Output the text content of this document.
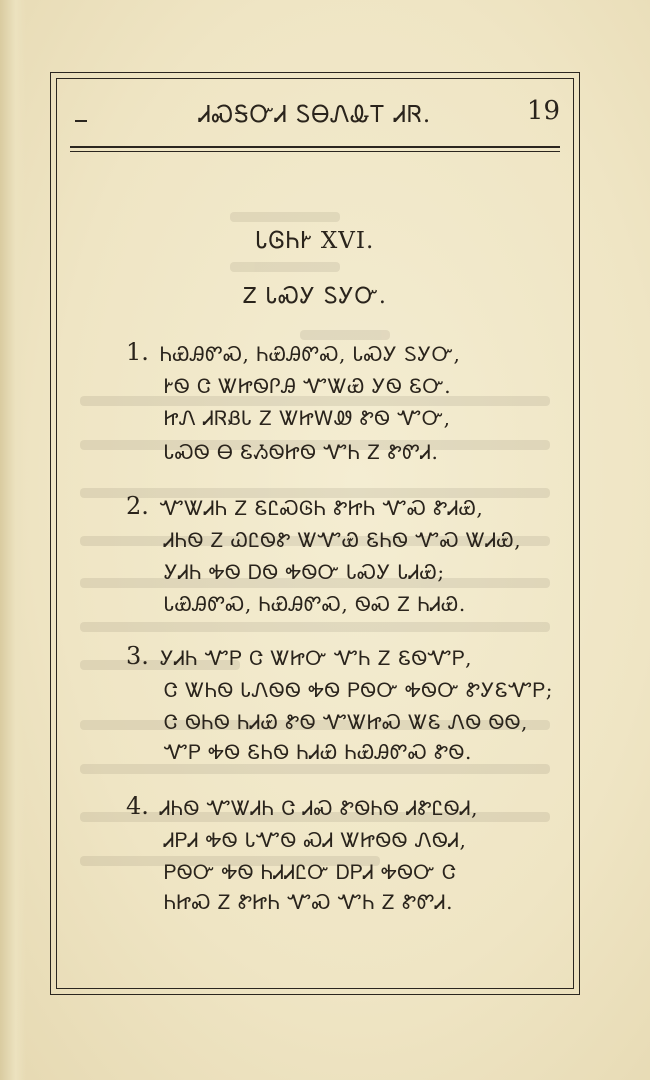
ᏗᏍᎦᏅᏗ ᏚᎾᏁᎲᎢ ᏗᏒ.	19
ᏓᎶᏂᎨ XVI.
Ꮓ ᏓᏍᎩ ᏚᎩᏅ.
1. ᏂᏯᎯᏛᏍ, ᏂᏯᎯᏛᏍ, ᏓᏍᎩ ᏚᎩᏅ,
ᎨᏫ Ꮳ ᏔᏥᏫᎵᎯ ᏉᏔᏯ ᎩᏫ ᏋᏅ.
ᏥᏁ ᏗᏒᏰᏓ Ꮓ ᏔᏥᎳᏪ ᏑᏫ ᏉᏅ,
ᏓᏍᏫ Ꮎ ᏋᏱᏫᏥᏫ ᏉᏂ Ꮓ ᏑᏛᏗ.
2. ᏉᏔᏗᏂ Ꮓ ᏋᏝᏍᎶᏂ ᏑᏥᏂ ᏉᏍ ᏑᏗᏯ,
ᏗᏂᏫ Ꮓ ᏇᏝᏫᏑ ᏔᏉᏯ ᏋᏂᏫ ᏉᏍ ᏔᏗᏯ,
ᎩᏗᏂ ᎭᏫ ᎠᏫ ᎭᏫᏅ ᏓᏍᎩ ᏓᏗᏯ;
ᏓᏯᎯᏛᏍ, ᏂᏯᎯᏛᏍ, ᏫᏍ Ꮓ ᏂᏗᏯ.
3. ᎩᏗᏂ ᏉᏢ Ꮳ ᏔᏥᏅ ᏉᏂ Ꮓ ᏋᏫᏉᏢ,
Ꮳ ᏔᏂᏫ ᏓᏁᏫᏫ ᎭᏫ ᏢᏫᏅ ᎭᏫᏅ ᏑᎩᏋᏉᏢ;
Ꮳ ᏫᏂᏫ ᏂᏗᏯ ᏑᏫ ᏉᏔᏥᏍ ᏔᏋ ᏁᏫ ᏫᏫ,
ᏉᏢ ᎭᏫ ᏋᏂᏫ ᏂᏗᏯ ᏂᏯᎯᏛᏍ ᏑᏫ.
4. ᏗᏂᏫ ᏉᏔᏗᏂ Ꮳ ᏗᏍ ᏑᏫᏂᏫ ᏗᏑᏝᏫᏗ,
ᏗᏢᏗ ᎭᏫ ᏓᏉᏫ ᏍᏗ ᏔᏥᏫᏫ ᏁᏫᏗ,
ᏢᏫᏅ ᎭᏫ ᏂᏗᏗᏝᏅ ᎠᏢᏗ ᎭᏫᏅ Ꮳ
ᏂᏥᏍ Ꮓ ᏑᏥᏂ ᏉᏍ ᏉᏂ Ꮓ ᏑᏛᏗ.
